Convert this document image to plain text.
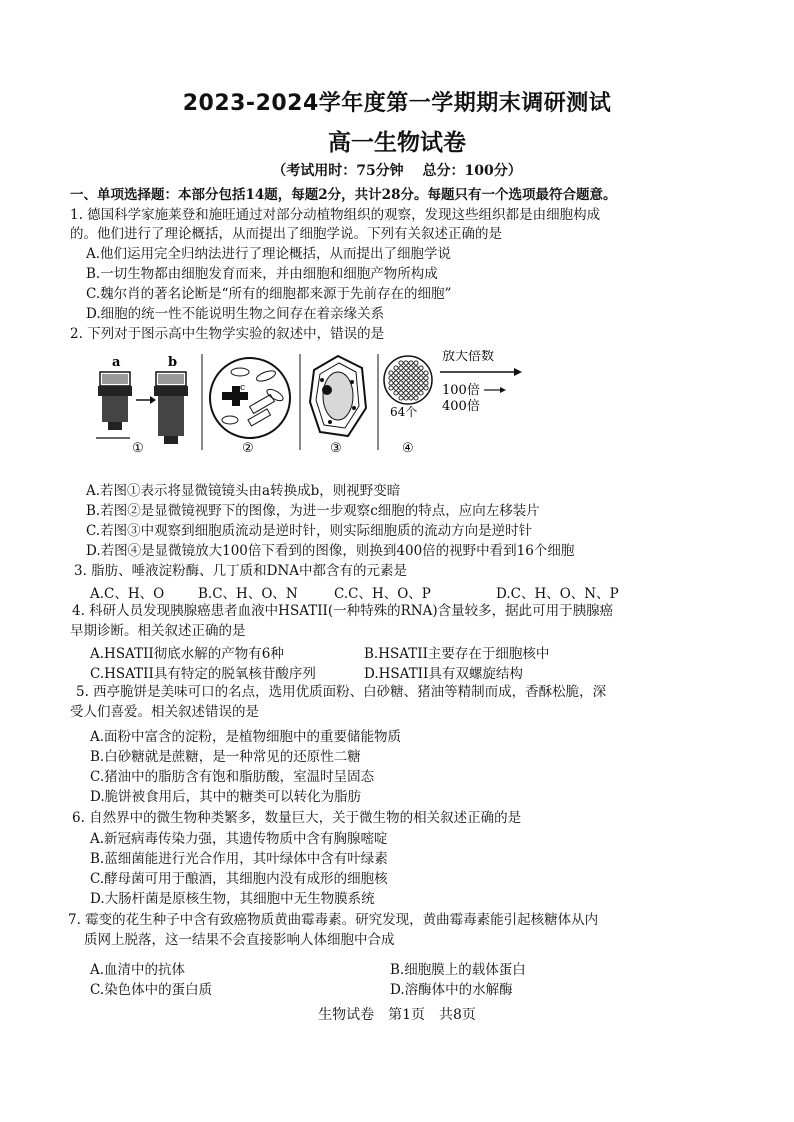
2023-2024学年度第一学期期末调研测试
高一生物试卷
（考试用时：75分钟　 总分：100分）
一、单项选择题：本部分包括14题，每题2分，共计28分。每题只有一个选项最符合题意。
1. 德国科学家施莱登和施旺通过对部分动植物组织的观察，发现这些组织都是由细胞构成
的。他们进行了理论概括，从而提出了细胞学说。下列有关叙述正确的是
A.他们运用完全归纳法进行了理论概括，从而提出了细胞学说
B.一切生物都由细胞发育而来，并由细胞和细胞产物所构成
C.魏尔肖的著名论断是“所有的细胞都来源于先前存在的细胞”
D.细胞的统一性不能说明生物之间存在着亲缘关系
2. 下列对于图示高中生物学实验的叙述中，错误的是
a	b
①
c
②	③
64个
④
放大倍数
100倍
400倍
A.若图①表示将显微镜镜头由a转换成b，则视野变暗
B.若图②是显微镜视野下的图像，为进一步观察c细胞的特点，应向左移装片
C.若图③中观察到细胞质流动是逆时针，则实际细胞质的流动方向是逆时针
D.若图④是显微镜放大100倍下看到的图像，则换到400倍的视野中看到16个细胞
3. 脂肪、唾液淀粉酶、几丁质和DNA中都含有的元素是
A.C、H、O	B.C、H、O、N	C.C、H、O、P	D.C、H、O、N、P
4. 科研人员发现胰腺癌患者血液中HSATII(一种特殊的RNA)含量较多，据此可用于胰腺癌
早期诊断。相关叙述正确的是
A.HSATII彻底水解的产物有6种	B.HSATII主要存在于细胞核中
C.HSATII具有特定的脱氧核苷酸序列	D.HSATII具有双螺旋结构
5. 西亭脆饼是美味可口的名点，选用优质面粉、白砂糖、猪油等精制而成，香酥松脆，深
受人们喜爱。相关叙述错误的是
A.面粉中富含的淀粉，是植物细胞中的重要储能物质
B.白砂糖就是蔗糖，是一种常见的还原性二糖
C.猪油中的脂肪含有饱和脂肪酸，室温时呈固态
D.脆饼被食用后，其中的糖类可以转化为脂肪
6. 自然界中的微生物种类繁多，数量巨大，关于微生物的相关叙述正确的是
A.新冠病毒传染力强，其遗传物质中含有胸腺嘧啶
B.蓝细菌能进行光合作用，其叶绿体中含有叶绿素
C.酵母菌可用于酿酒，其细胞内没有成形的细胞核
D.大肠杆菌是原核生物，其细胞中无生物膜系统
7. 霉变的花生种子中含有致癌物质黄曲霉毒素。研究发现，黄曲霉毒素能引起核糖体从内
质网上脱落，这一结果不会直接影响人体细胞中合成
A.血清中的抗体	B.细胞膜上的载体蛋白
C.染色体中的蛋白质	D.溶酶体中的水解酶
生物试卷　第1页　共8页
